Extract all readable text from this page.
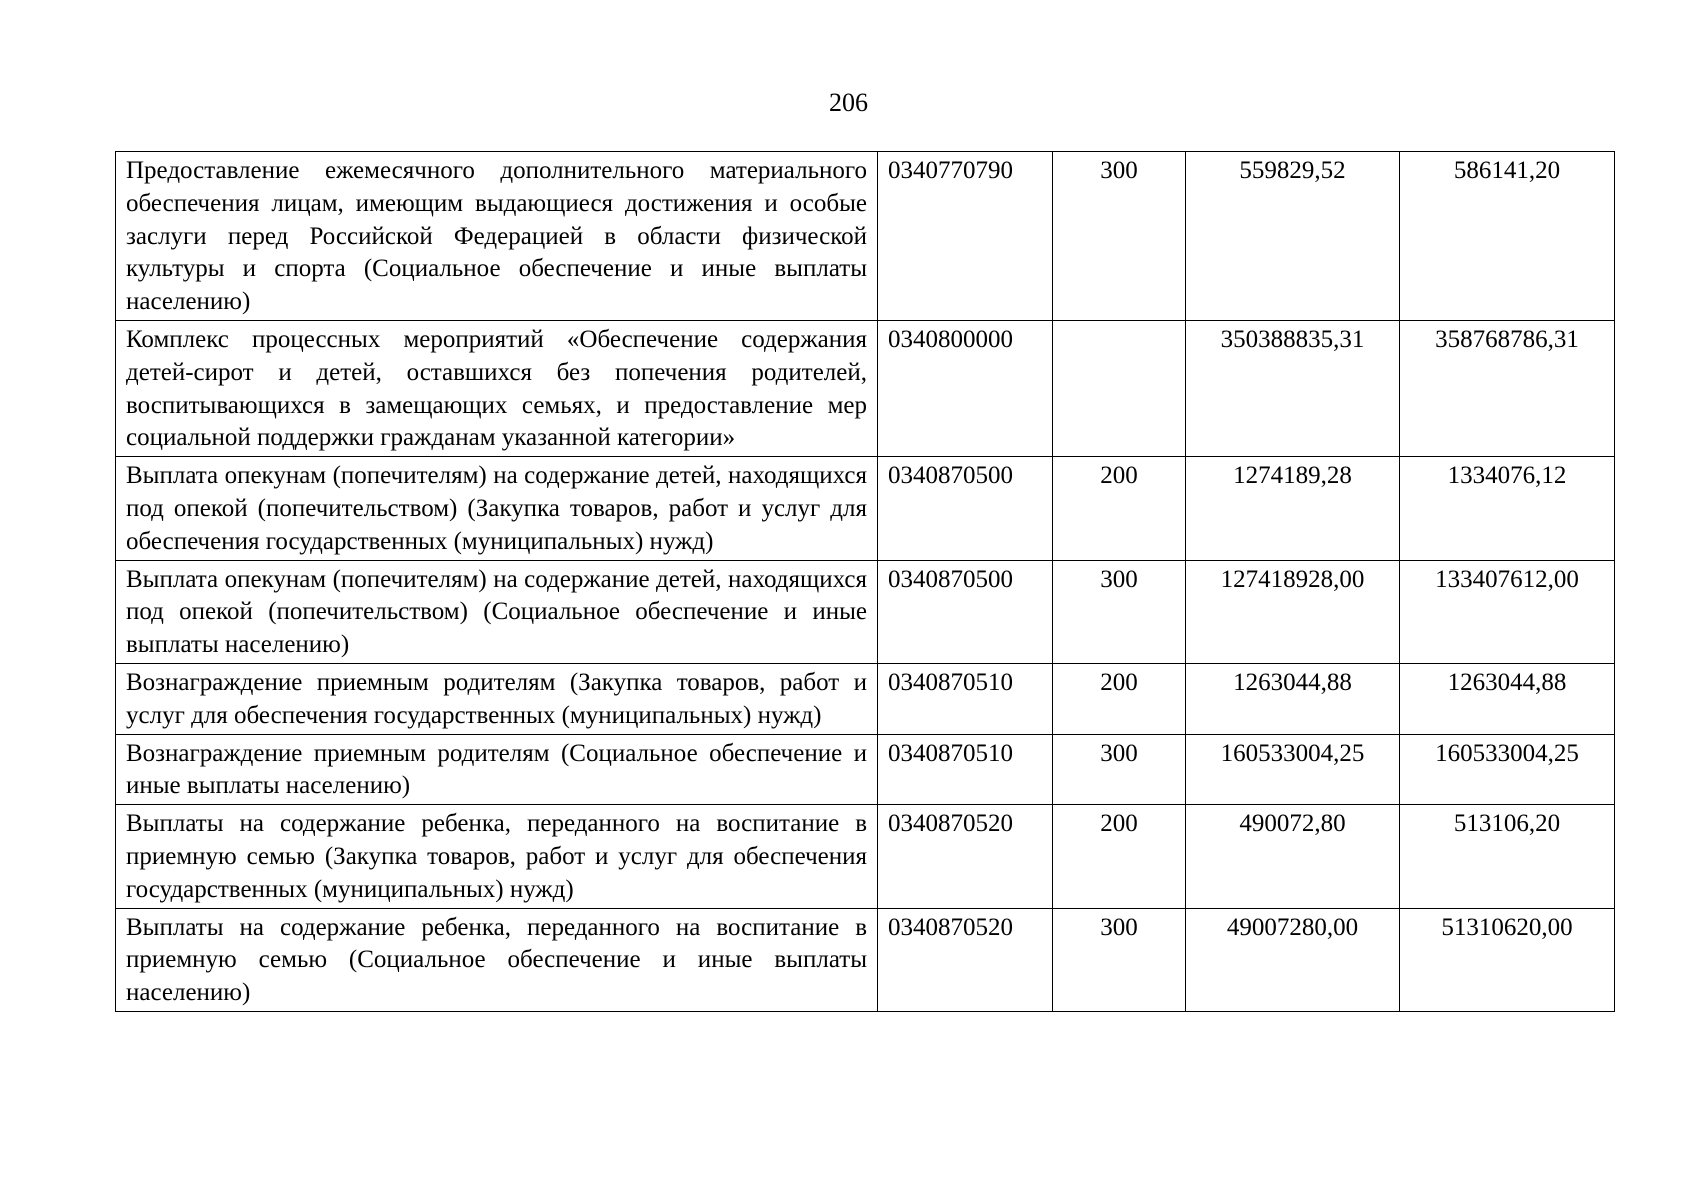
206
Предоставление ежемесячного дополнительного материального обеспечения лицам, имеющим выдающиеся достижения и особые заслуги перед Российской Федерацией в области физической культуры и спорта (Социальное обеспечение и иные выплаты населению)	0340770790	300	559829,52	586141,20
Комплекс процессных мероприятий «Обеспечение содержания детей-сирот и детей, оставшихся без попечения родителей, воспитывающихся в замещающих семьях, и предоставление мер социальной поддержки гражданам указанной категории»	0340800000		350388835,31	358768786,31
Выплата опекунам (попечителям) на содержание детей, находящихся под опекой (попечительством) (Закупка товаров, работ и услуг для обеспечения государственных (муниципальных) нужд)	0340870500	200	1274189,28	1334076,12
Выплата опекунам (попечителям) на содержание детей, находящихся под опекой (попечительством) (Социальное обеспечение и иные выплаты населению)	0340870500	300	127418928,00	133407612,00
Вознаграждение приемным родителям (Закупка товаров, работ и услуг для обеспечения государственных (муниципальных) нужд)	0340870510	200	1263044,88	1263044,88
Вознаграждение приемным родителям (Социальное обеспечение и иные выплаты населению)	0340870510	300	160533004,25	160533004,25
Выплаты на содержание ребенка, переданного на воспитание в приемную семью (Закупка товаров, работ и услуг для обеспечения государственных (муниципальных) нужд)	0340870520	200	490072,80	513106,20
Выплаты на содержание ребенка, переданного на воспитание в приемную семью (Социальное обеспечение и иные выплаты населению)	0340870520	300	49007280,00	51310620,00
